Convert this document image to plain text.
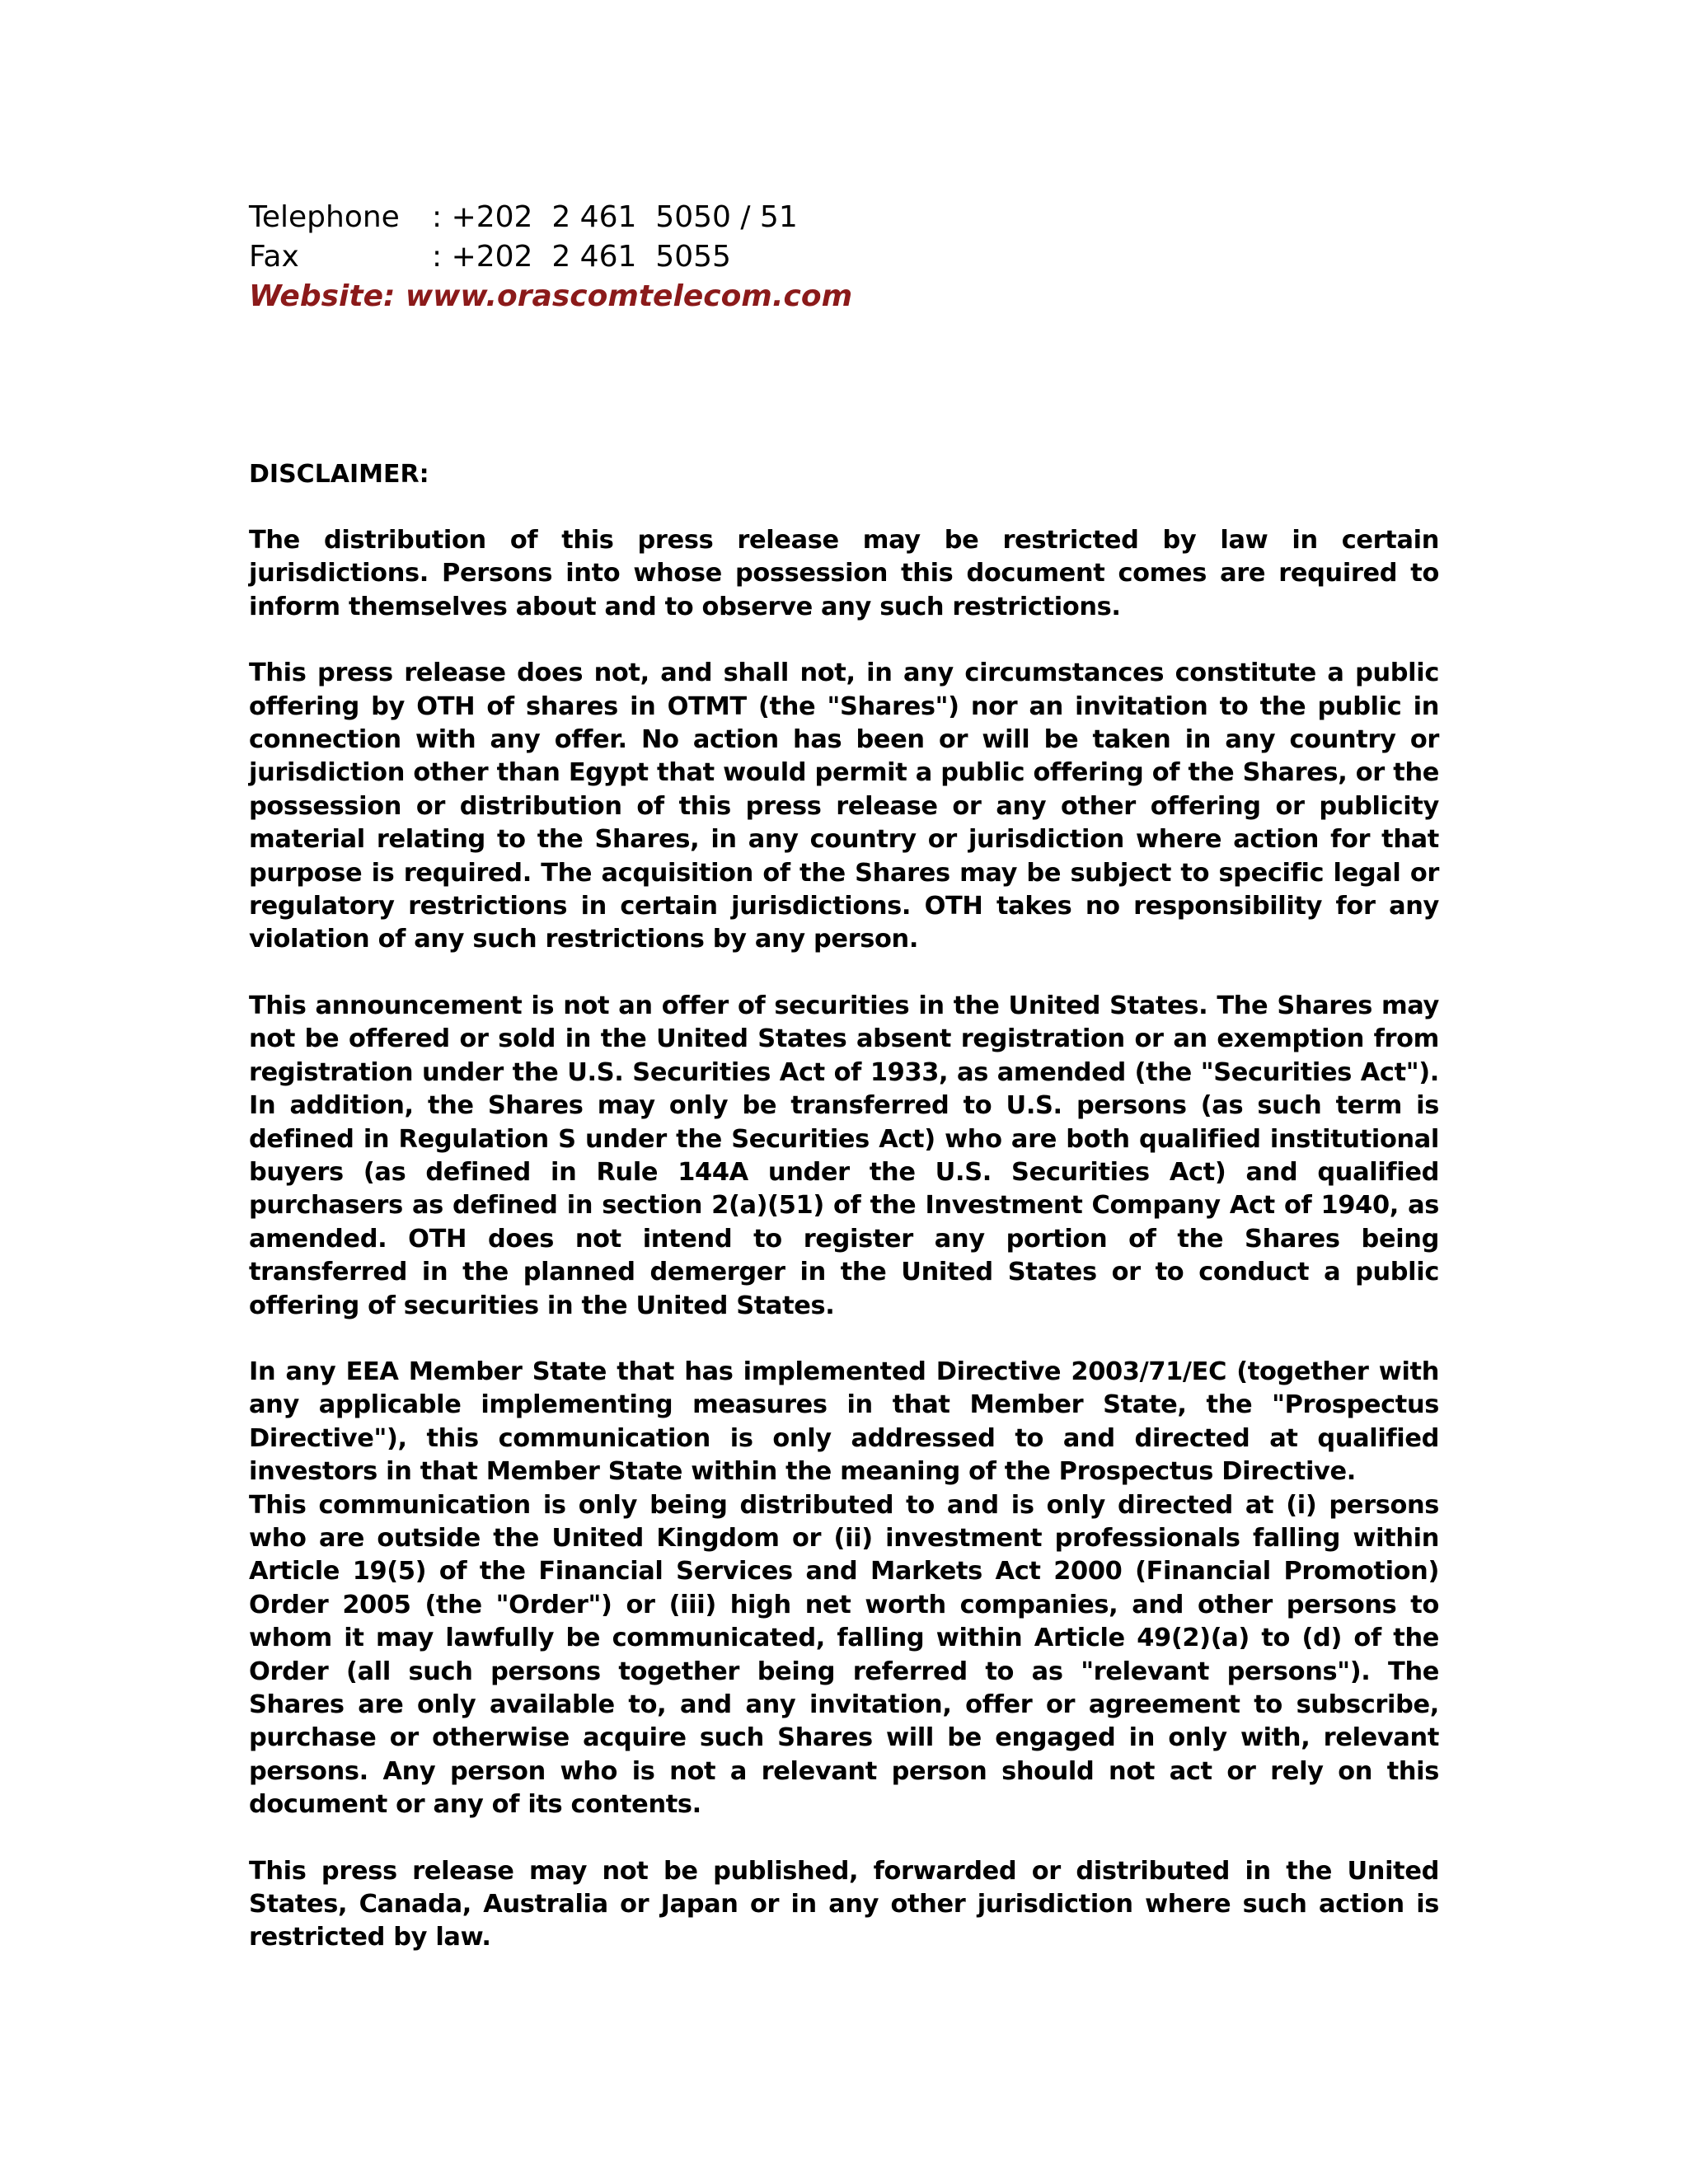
Telephone	: +202  2 461  5050 / 51
Fax	: +202  2 461  5055
Website: www.orascomtelecom.com
DISCLAIMER:

The distribution of this press release may be restricted by law in certain jurisdictions. Persons into whose possession this document comes are required to inform themselves about and to observe any such restrictions.

This press release does not, and shall not, in any circumstances constitute a public offering by OTH of shares in OTMT (the "Shares") nor an invitation to the public in connection with any offer. No action has been or will be taken in any country or jurisdiction other than Egypt that would permit a public offering of the Shares, or the possession or distribution of this press release or any other offering or publicity material relating to the Shares, in any country or jurisdiction where action for that purpose is required. The acquisition of the Shares may be subject to specific legal or regulatory restrictions in certain jurisdictions. OTH takes no responsibility for any violation of any such restrictions by any person.

This announcement is not an offer of securities in the United States. The Shares may not be offered or sold in the United States absent registration or an exemption from registration under the U.S. Securities Act of 1933, as amended (the "Securities Act"). In addition, the Shares may only be transferred to U.S. persons (as such term is defined in Regulation S under the Securities Act) who are both qualified institutional buyers (as defined in Rule 144A under the U.S. Securities Act) and qualified purchasers as defined in section 2(a)(51) of the Investment Company Act of 1940, as amended. OTH does not intend to register any portion of the Shares being transferred in the planned demerger in the United States or to conduct a public offering of securities in the United States.

In any EEA Member State that has implemented Directive 2003/71/EC (together with any applicable implementing measures in that Member State, the "Prospectus Directive"), this communication is only addressed to and directed at qualified investors in that Member State within the meaning of the Prospectus Directive.

This communication is only being distributed to and is only directed at (i) persons who are outside the United Kingdom or (ii) investment professionals falling within Article 19(5) of the Financial Services and Markets Act 2000 (Financial Promotion) Order 2005 (the "Order") or (iii) high net worth companies, and other persons to whom it may lawfully be communicated, falling within Article 49(2)(a) to (d) of the Order (all such persons together being referred to as "relevant persons"). The Shares are only available to, and any invitation, offer or agreement to subscribe, purchase or otherwise acquire such Shares will be engaged in only with, relevant persons. Any person who is not a relevant person should not act or rely on this document or any of its contents.

This press release may not be published, forwarded or distributed in the United States, Canada, Australia or Japan or in any other jurisdiction where such action is restricted by law.
